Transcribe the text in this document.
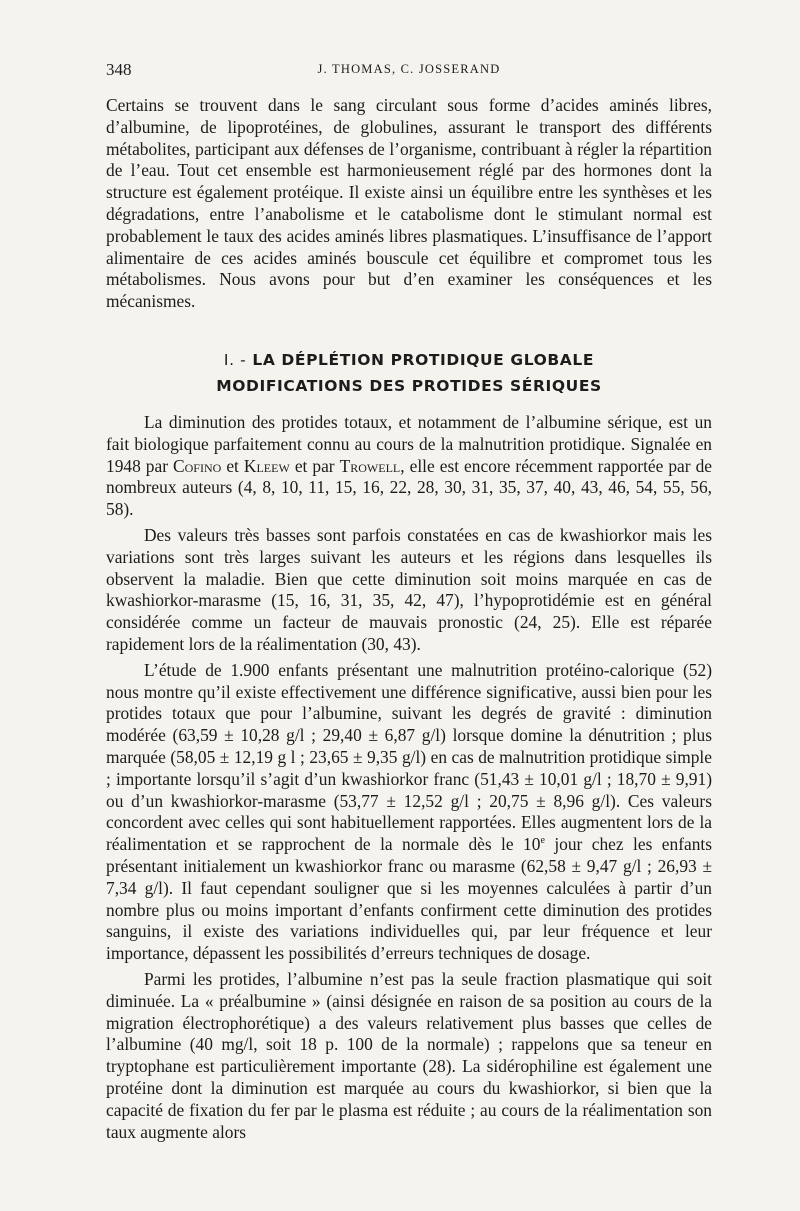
348	J. THOMAS, C. JOSSERAND

Certains se trouvent dans le sang circulant sous forme d’acides aminés libres, d’albumine, de lipoprotéines, de globulines, assurant le transport des différents métabolites, participant aux défenses de l’organisme, contribuant à régler la répartition de l’eau. Tout cet ensemble est harmonieusement réglé par des hormones dont la structure est également protéique. Il existe ainsi un équilibre entre les synthèses et les dégradations, entre l’anabolisme et le catabolisme dont le stimulant normal est probablement le taux des acides aminés libres plasmatiques. L’insuffisance de l’apport alimentaire de ces acides aminés bouscule cet équilibre et compromet tous les métabolismes. Nous avons pour but d’en examiner les conséquences et les mécanismes.

I. - LA DÉPLÉTION PROTIDIQUE GLOBALE
MODIFICATIONS DES PROTIDES SÉRIQUES

La diminution des protides totaux, et notamment de l’albumine sérique, est un fait biologique parfaitement connu au cours de la malnutrition protidique. Signalée en 1948 par Cofino et Kleew et par Trowell, elle est encore récemment rapportée par de nombreux auteurs (4, 8, 10, 11, 15, 16, 22, 28, 30, 31, 35, 37, 40, 43, 46, 54, 55, 56, 58).

Des valeurs très basses sont parfois constatées en cas de kwashiorkor mais les variations sont très larges suivant les auteurs et les régions dans lesquelles ils observent la maladie. Bien que cette diminution soit moins marquée en cas de kwashiorkor-marasme (15, 16, 31, 35, 42, 47), l’hypoprotidémie est en général considérée comme un facteur de mauvais pronostic (24, 25). Elle est réparée rapidement lors de la réalimentation (30, 43).

L’étude de 1.900 enfants présentant une malnutrition protéino-calorique (52) nous montre qu’il existe effectivement une différence significative, aussi bien pour les protides totaux que pour l’albumine, suivant les degrés de gravité : diminution modérée (63,59 ± 10,28 g/l ; 29,40 ± 6,87 g/l) lorsque domine la dénutrition ; plus marquée (58,05 ± 12,19 g l ; 23,65 ± 9,35 g/l) en cas de malnutrition protidique simple ; importante lorsqu’il s’agit d’un kwashiorkor franc (51,43 ± 10,01 g/l ; 18,70 ± 9,91) ou d’un kwashiorkor-marasme (53,77 ± 12,52 g/l ; 20,75 ± 8,96 g/l). Ces valeurs concordent avec celles qui sont habituellement rapportées. Elles augmentent lors de la réalimentation et se rapprochent de la normale dès le 10e jour chez les enfants présentant initialement un kwashiorkor franc ou marasme (62,58 ± 9,47 g/l ; 26,93 ± 7,34 g/l). Il faut cependant souligner que si les moyennes calculées à partir d’un nombre plus ou moins important d’enfants confirment cette diminution des protides sanguins, il existe des variations individuelles qui, par leur fréquence et leur importance, dépassent les possibilités d’erreurs techniques de dosage.

Parmi les protides, l’albumine n’est pas la seule fraction plasmatique qui soit diminuée. La « préalbumine » (ainsi désignée en raison de sa position au cours de la migration électrophorétique) a des valeurs relativement plus basses que celles de l’albumine (40 mg/l, soit 18 p. 100 de la normale) ; rappelons que sa teneur en tryptophane est particulièrement importante (28). La sidérophiline est également une protéine dont la diminution est marquée au cours du kwashiorkor, si bien que la capacité de fixation du fer par le plasma est réduite ; au cours de la réalimentation son taux augmente alors
